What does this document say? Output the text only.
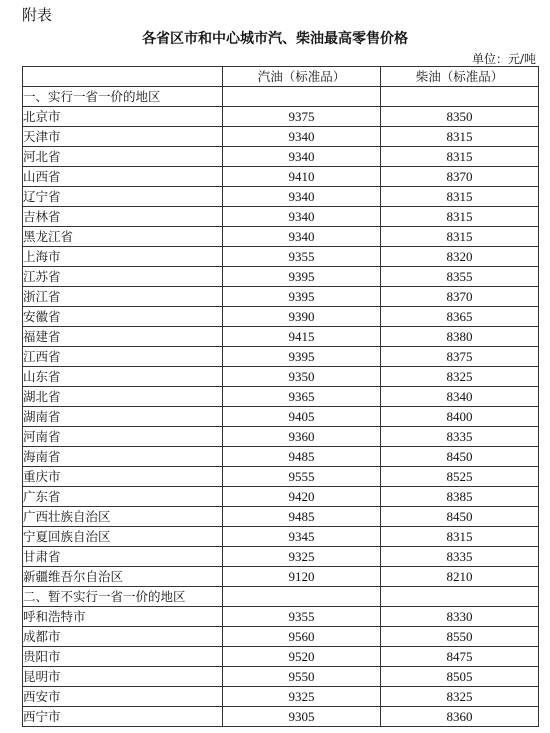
附表
各省区市和中心城市汽、柴油最高零售价格
单位：元/吨
	汽油（标准品）	柴油（标准品）
一、实行一省一价的地区		
北京市	9375	8350
天津市	9340	8315
河北省	9340	8315
山西省	9410	8370
辽宁省	9340	8315
吉林省	9340	8315
黑龙江省	9340	8315
上海市	9355	8320
江苏省	9395	8355
浙江省	9395	8370
安徽省	9390	8365
福建省	9415	8380
江西省	9395	8375
山东省	9350	8325
湖北省	9365	8340
湖南省	9405	8400
河南省	9360	8335
海南省	9485	8450
重庆市	9555	8525
广东省	9420	8385
广西壮族自治区	9485	8450
宁夏回族自治区	9345	8315
甘肃省	9325	8335
新疆维吾尔自治区	9120	8210
二、暂不实行一省一价的地区		
呼和浩特市	9355	8330
成都市	9560	8550
贵阳市	9520	8475
昆明市	9550	8505
西安市	9325	8325
西宁市	9305	8360
